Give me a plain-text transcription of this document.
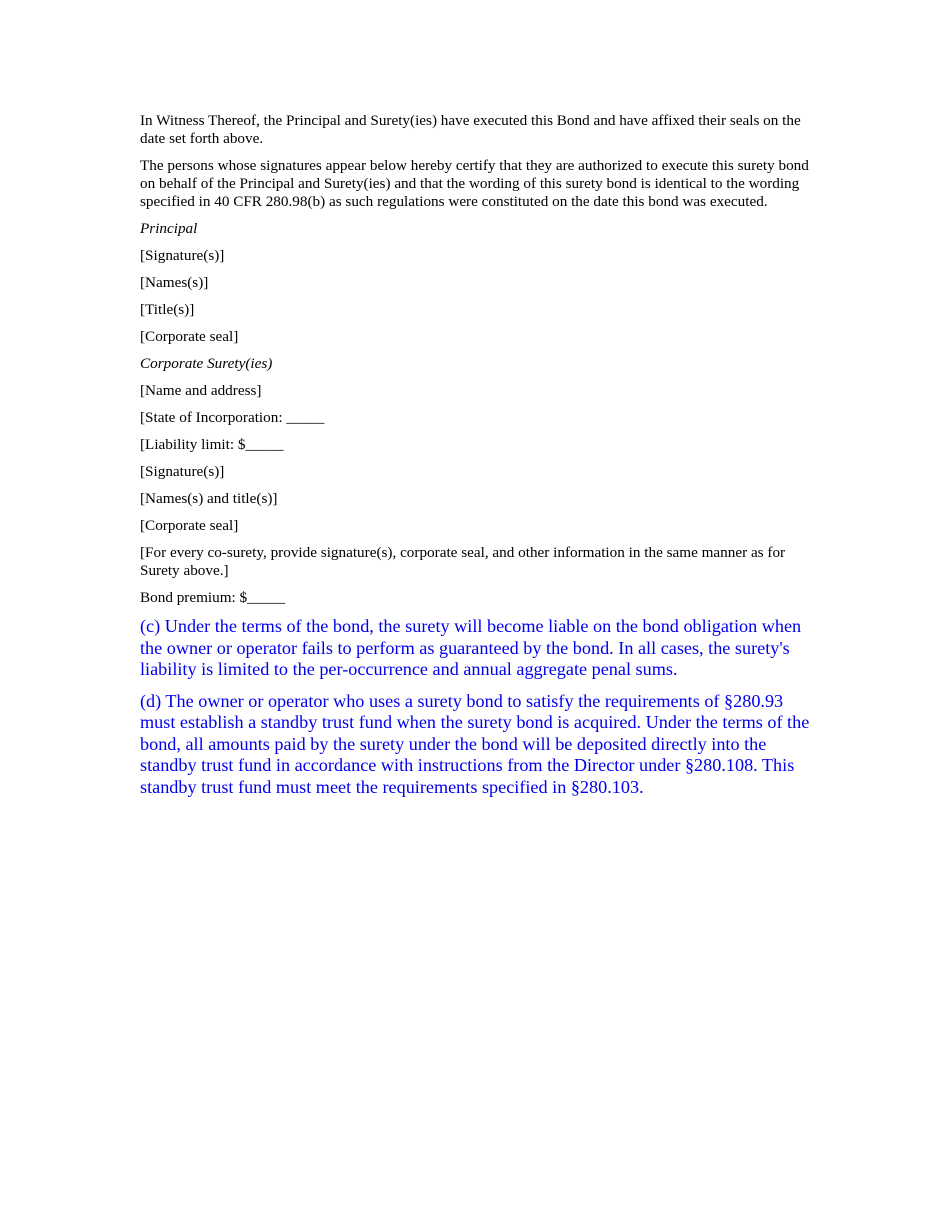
In Witness Thereof, the Principal and Surety(ies) have executed this Bond and have affixed their seals on the date set forth above.

The persons whose signatures appear below hereby certify that they are authorized to execute this surety bond on behalf of the Principal and Surety(ies) and that the wording of this surety bond is identical to the wording specified in 40 CFR 280.98(b) as such regulations were constituted on the date this bond was executed.

Principal

[Signature(s)]

[Names(s)]

[Title(s)]

[Corporate seal]

Corporate Surety(ies)

[Name and address]

[State of Incorporation: _____

[Liability limit: $_____

[Signature(s)]

[Names(s) and title(s)]

[Corporate seal]

[For every co-surety, provide signature(s), corporate seal, and other information in the same manner as for Surety above.]

Bond premium: $_____

(c) Under the terms of the bond, the surety will become liable on the bond obligation when the owner or operator fails to perform as guaranteed by the bond. In all cases, the surety's liability is limited to the per-occurrence and annual aggregate penal sums.

(d) The owner or operator who uses a surety bond to satisfy the requirements of §280.93 must establish a standby trust fund when the surety bond is acquired. Under the terms of the bond, all amounts paid by the surety under the bond will be deposited directly into the standby trust fund in accordance with instructions from the Director under §280.108. This standby trust fund must meet the requirements specified in §280.103.
